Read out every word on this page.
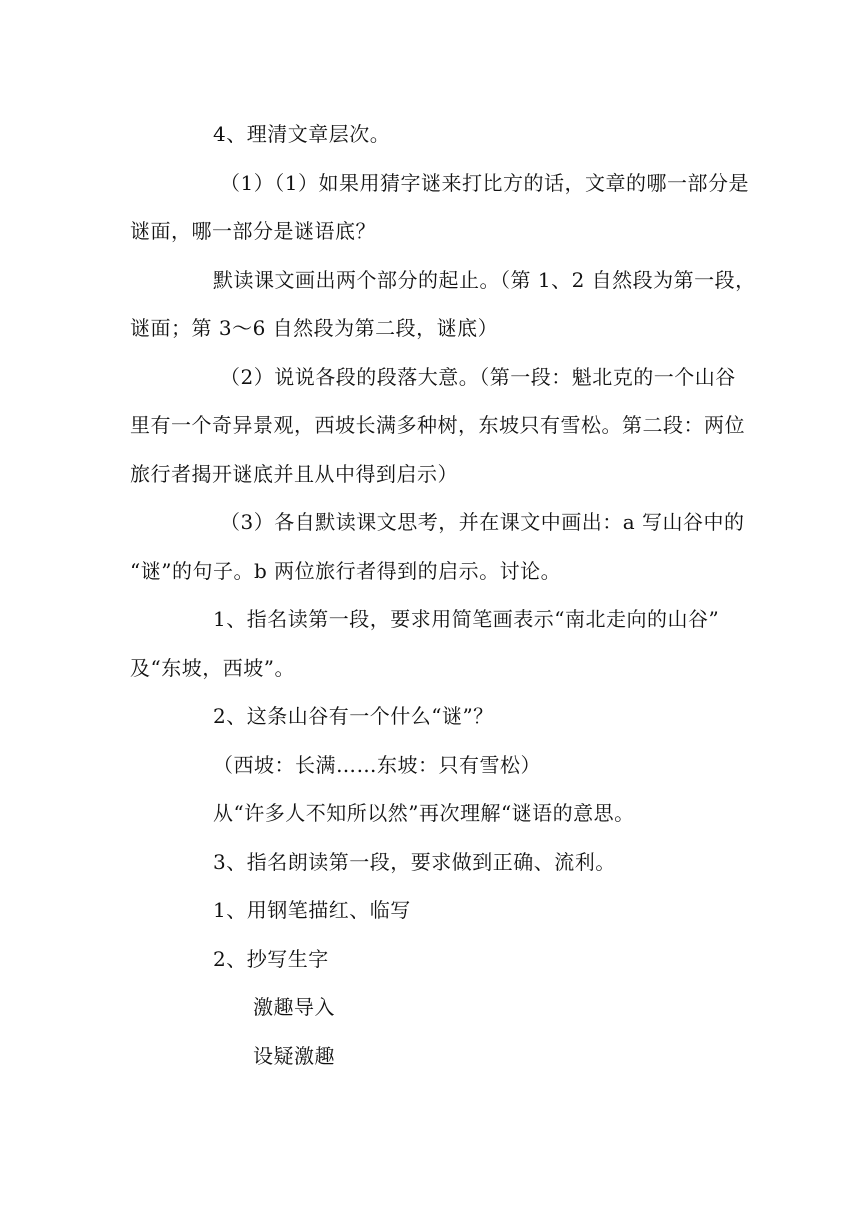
4、理清文章层次。
（1）（1）如果用猜字谜来打比方的话，文章的哪一部分是
谜面，哪一部分是谜语底？
默读课文画出两个部分的起止。（第 1、2 自然段为第一段，
谜面；第 3～6 自然段为第二段，谜底）
（2）说说各段的段落大意。（第一段：魁北克的一个山谷
里有一个奇异景观，西坡长满多种树，东坡只有雪松。第二段：两位
旅行者揭开谜底并且从中得到启示）
（3）各自默读课文思考，并在课文中画出：a 写山谷中的
“谜”的句子。b 两位旅行者得到的启示。讨论。
1、指名读第一段，要求用简笔画表示“南北走向的山谷”
及“东坡，西坡”。
2、这条山谷有一个什么“谜”？
（西坡：长满……东坡：只有雪松）
从“许多人不知所以然”再次理解“谜语的意思。
3、指名朗读第一段，要求做到正确、流利。
1、用钢笔描红、临写
2、抄写生字
激趣导入
设疑激趣
